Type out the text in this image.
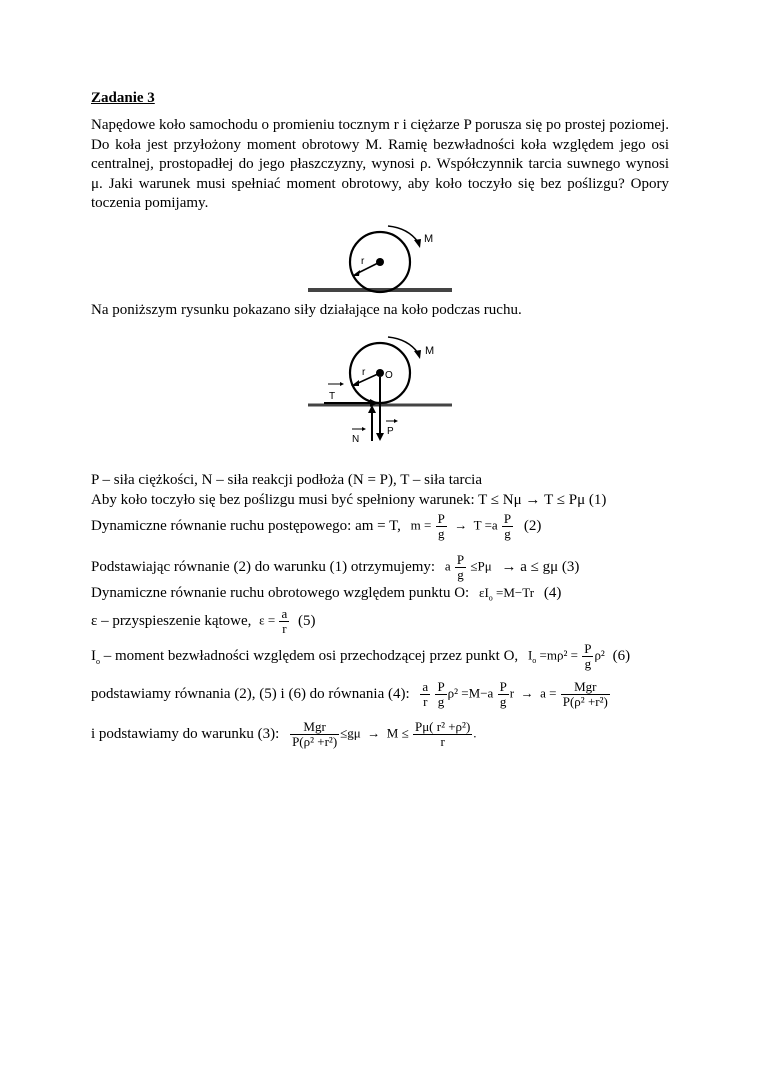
Zadanie 3
Napędowe koło samochodu o promieniu tocznym r i ciężarze P porusza się po prostej poziomej. Do koła jest przyłożony moment obrotowy M. Ramię bezwładności koła względem jego osi centralnej, prostopadłej do jego płaszczyzny, wynosi ρ. Współczynnik tarcia suwnego wynosi μ. Jaki warunek musi spełniać moment obrotowy, aby koło toczyło się bez poślizgu? Opory toczenia pomijamy.
r
M
Na poniższym rysunku pokazano siły działające na koło podczas ruchu.
r O
M
T
N
P
P – siła ciężkości, N – siła reakcji podłoża (N = P), T – siła tarcia
Aby koło toczyło się bez poślizgu musi być spełniony warunek: T ≤ Nμ → T ≤ Pμ (1)
Dynamiczne równanie ruchu postępowego: am = T, $m = \frac{P}{g} \to T =a \frac{P}{g} (2)$
Podstawiając równanie (2) do warunku (1) otrzymujemy: a $\frac{P}{g} \le P\mu \to a \le g\mu$ (3)
Dynamiczne równanie ruchu obrotowego względem punktu O: $\varepsilon I_o =M-Tr$ (4)
ε – przyspieszenie kątowe, $\varepsilon = \frac{a}{r} (5)$
$I_o$ – moment bezwładności względem osi przechodzącej przez punkt O, $I_o =m\rho^2 = \frac{P}{g} \rho^2$ (6)
podstawiamy równania (2), (5) i (6) do równania (4): $\frac{a}{r}$
$\frac{P}{g} \rho^2 =M-a \frac{P}{g}$ $r \to a = \frac{\text{Mgr}}{\text{P(ρ² +r²)}}$
i podstawiamy do warunku (3): $\frac{\text{Mgr}}{\text{P(ρ² +r²)}} \le g\mu \to M \le \frac{\text{Pμ( r² +ρ²)}}{r}$ .
